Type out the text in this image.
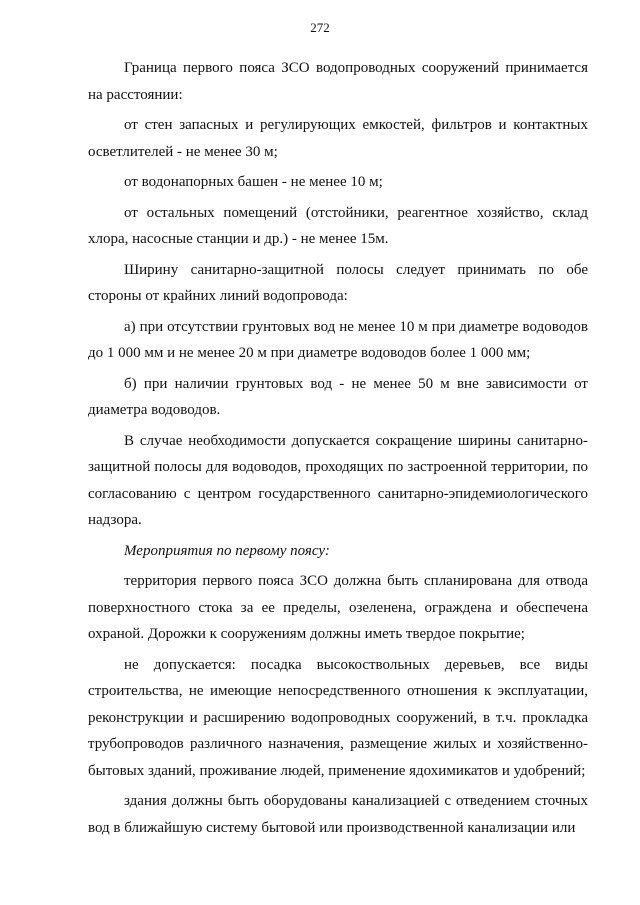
272

Граница первого пояса ЗСО водопроводных сооружений принимается на расстоянии:

от стен запасных и регулирующих емкостей, фильтров и контактных осветлителей - не менее 30 м;

от водонапорных башен - не менее 10 м;

от остальных помещений (отстойники, реагентное хозяйство, склад хлора, насосные станции и др.) - не менее 15м.

Ширину санитарно-защитной полосы следует принимать по обе стороны от крайних линий водопровода:

а) при отсутствии грунтовых вод не менее 10 м при диаметре водоводов до 1 000 мм и не менее 20 м при диаметре водоводов более 1 000 мм;

б) при наличии грунтовых вод - не менее 50 м вне зависимости от диаметра водоводов.

В случае необходимости допускается сокращение ширины санитарно-защитной полосы для водоводов, проходящих по застроенной территории, по согласованию с центром государственного санитарно-эпидемиологического надзора.

Мероприятия по первому поясу:

территория первого пояса ЗСО должна быть спланирована для отвода поверхностного стока за ее пределы, озеленена, ограждена и обеспечена охраной. Дорожки к сооружениям должны иметь твердое покрытие;

не допускается: посадка высокоствольных деревьев, все виды строительства, не имеющие непосредственного отношения к эксплуатации, реконструкции и расширению водопроводных сооружений, в т.ч. прокладка трубопроводов различного назначения, размещение жилых и хозяйственно-бытовых зданий, проживание людей, применение ядохимикатов и удобрений;

здания должны быть оборудованы канализацией с отведением сточных вод в ближайшую систему бытовой или производственной канализации или
